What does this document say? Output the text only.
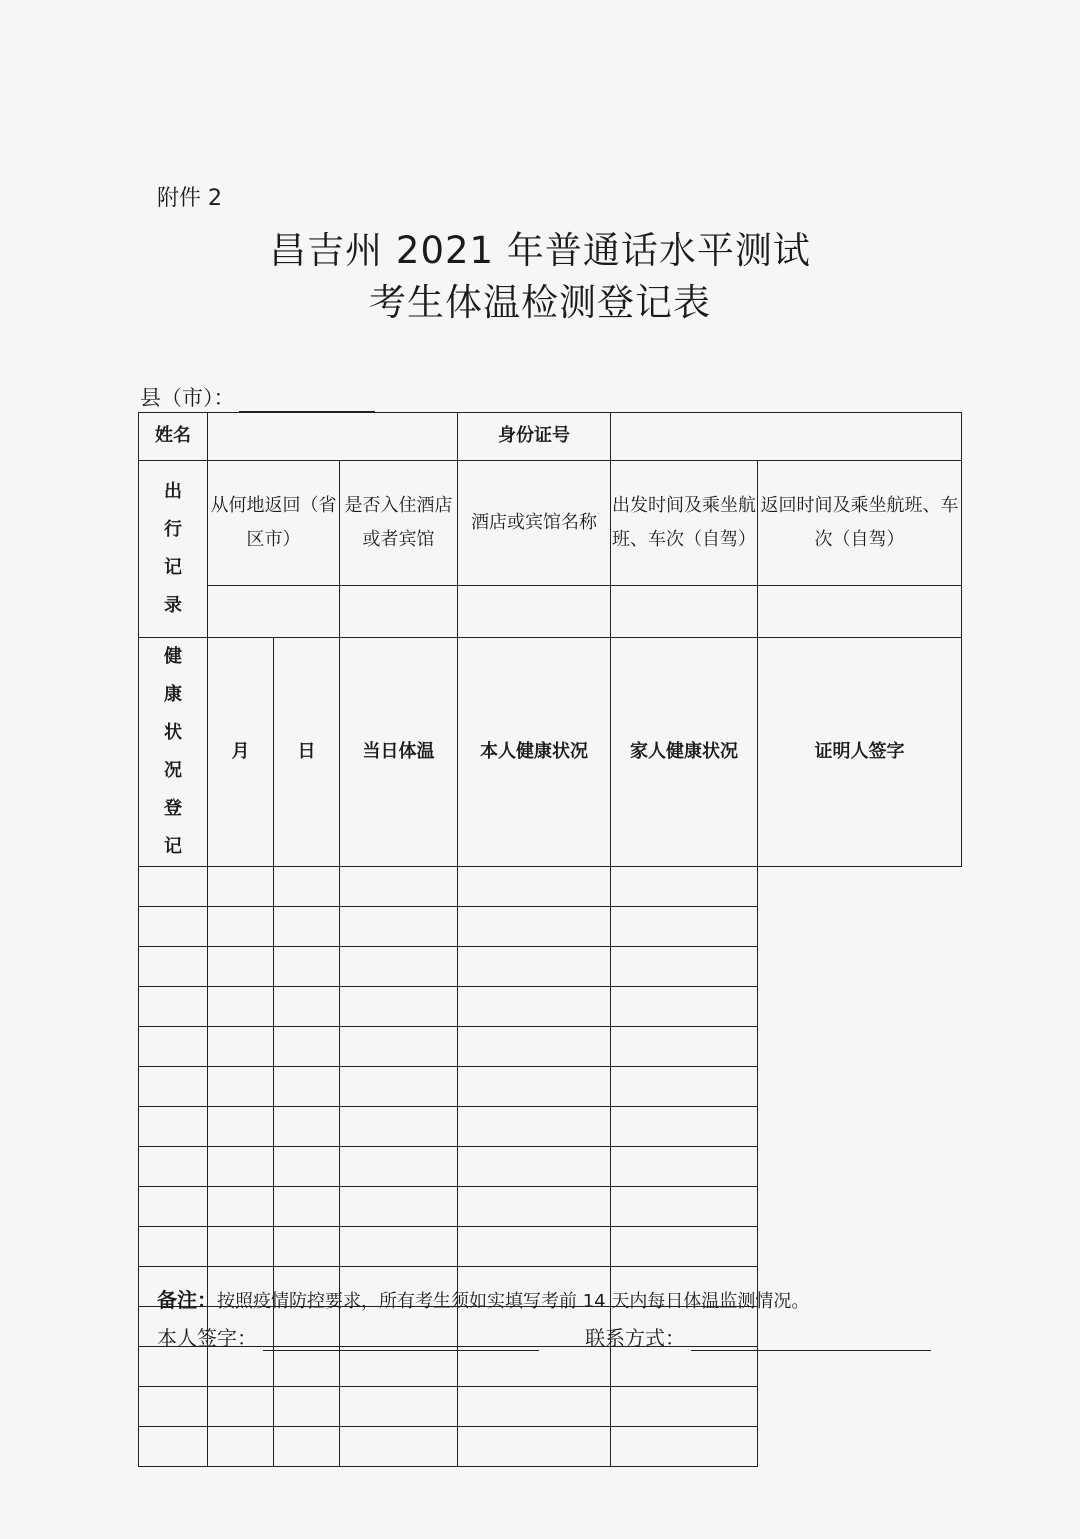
附件 2
昌吉州 2021 年普通话水平测试
考生体温检测登记表
县（市）：
姓名				身份证号		
出行记录	从何地返回（省区市）		是否入住酒店或者宾馆	酒店或宾馆名称	出发时间及乘坐航班、车次（自驾）	返回时间及乘坐航班、车次（自驾）

健康状况登记	月	日	当日体温	本人健康状况	家人健康状况	证明人签字

备注：按照疫情防控要求，所有考生须如实填写考前 14 天内每日体温监测情况。
本人签字：	联系方式：
